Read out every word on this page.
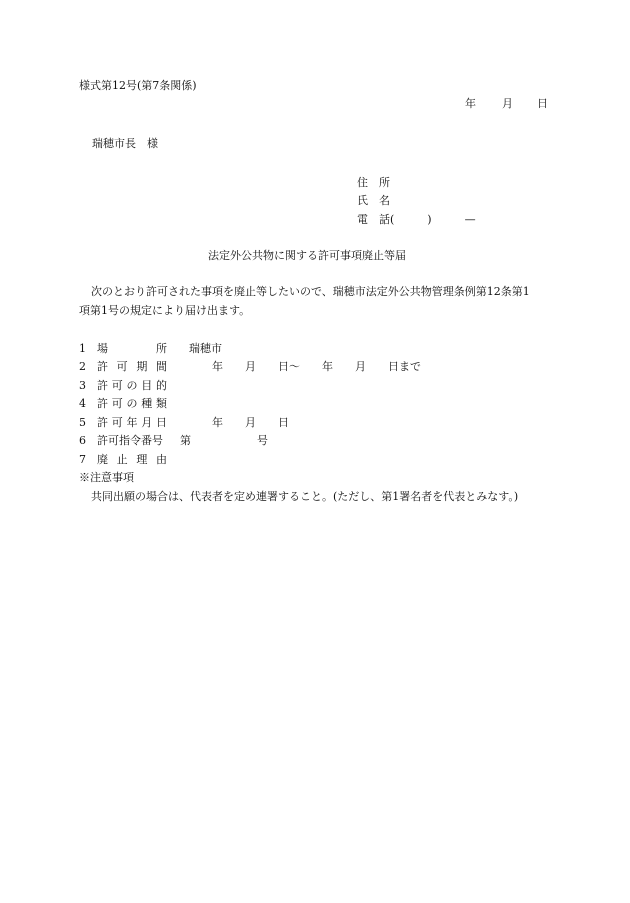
様式第12号(第7条関係)
年 月 日
瑞穂市長　様
住　所
氏　名
電　話(　　　)　　　—
法定外公共物に関する許可事項廃止等届
次のとおり許可された事項を廃止等したいので、瑞穂市法定外公共物管理条例第12条第1
項第1号の規定により届け出ます。
1 場	所 瑞穂市
2 許 可 期 間	年　　月　　日～　　年　　月　　日まで
3 許 可 の 目 的
4 許 可 の 種 類
5 許 可 年 月 日	年　　月　　日
6 許可指令番号 第　　　　　　号
7 廃 止 理 由
※注意事項
共同出願の場合は、代表者を定め連署すること。(ただし、第1署名者を代表とみなす。)
